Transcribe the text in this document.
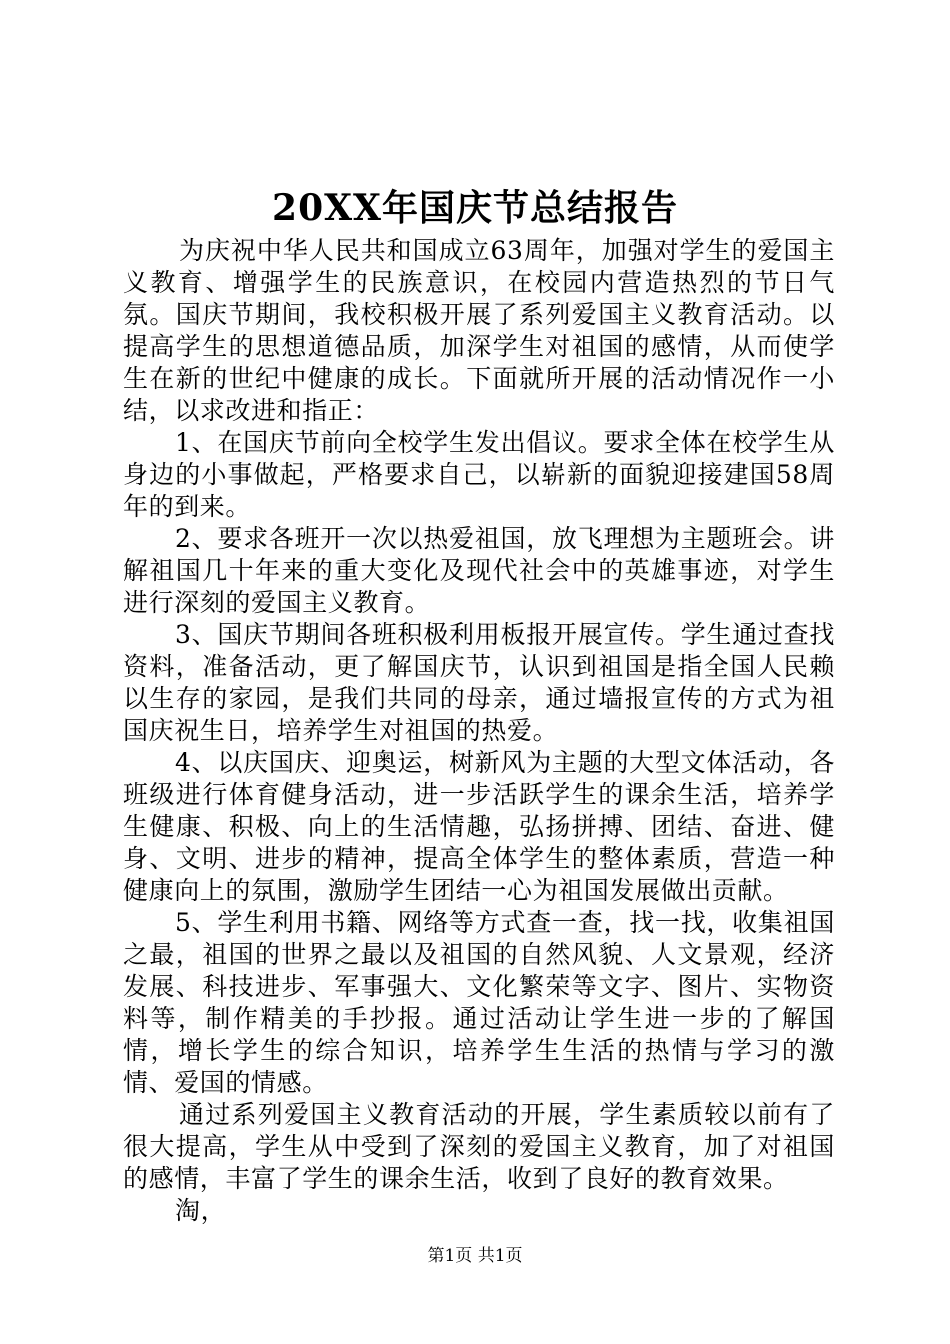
20XX年国庆节总结报告

为庆祝中华人民共和国成立63周年，加强对学生的爱国主义教育、增强学生的民族意识，在校园内营造热烈的节日气氛。国庆节期间，我校积极开展了系列爱国主义教育活动。以提高学生的思想道德品质，加深学生对祖国的感情，从而使学生在新的世纪中健康的成长。下面就所开展的活动情况作一小结，以求改进和指正：

1、在国庆节前向全校学生发出倡议。要求全体在校学生从身边的小事做起，严格要求自己，以崭新的面貌迎接建国58周年的到来。

2、要求各班开一次以热爱祖国，放飞理想为主题班会。讲解祖国几十年来的重大变化及现代社会中的英雄事迹，对学生进行深刻的爱国主义教育。

3、国庆节期间各班积极利用板报开展宣传。学生通过查找资料，准备活动，更了解国庆节，认识到祖国是指全国人民赖以生存的家园，是我们共同的母亲，通过墙报宣传的方式为祖国庆祝生日，培养学生对祖国的热爱。

4、以庆国庆、迎奥运，树新风为主题的大型文体活动，各班级进行体育健身活动，进一步活跃学生的课余生活，培养学生健康、积极、向上的生活情趣，弘扬拼搏、团结、奋进、健身、文明、进步的精神，提高全体学生的整体素质，营造一种健康向上的氛围，激励学生团结一心为祖国发展做出贡献。

5、学生利用书籍、网络等方式查一查，找一找，收集祖国之最，祖国的世界之最以及祖国的自然风貌、人文景观，经济发展、科技进步、军事强大、文化繁荣等文字、图片、实物资料等，制作精美的手抄报。通过活动让学生进一步的了解国情，增长学生的综合知识，培养学生生活的热情与学习的激情、爱国的情感。

通过系列爱国主义教育活动的开展，学生素质较以前有了很大提高，学生从中受到了深刻的爱国主义教育，加了对祖国的感情，丰富了学生的课余生活，收到了良好的教育效果。

淘，

第1页 共1页
